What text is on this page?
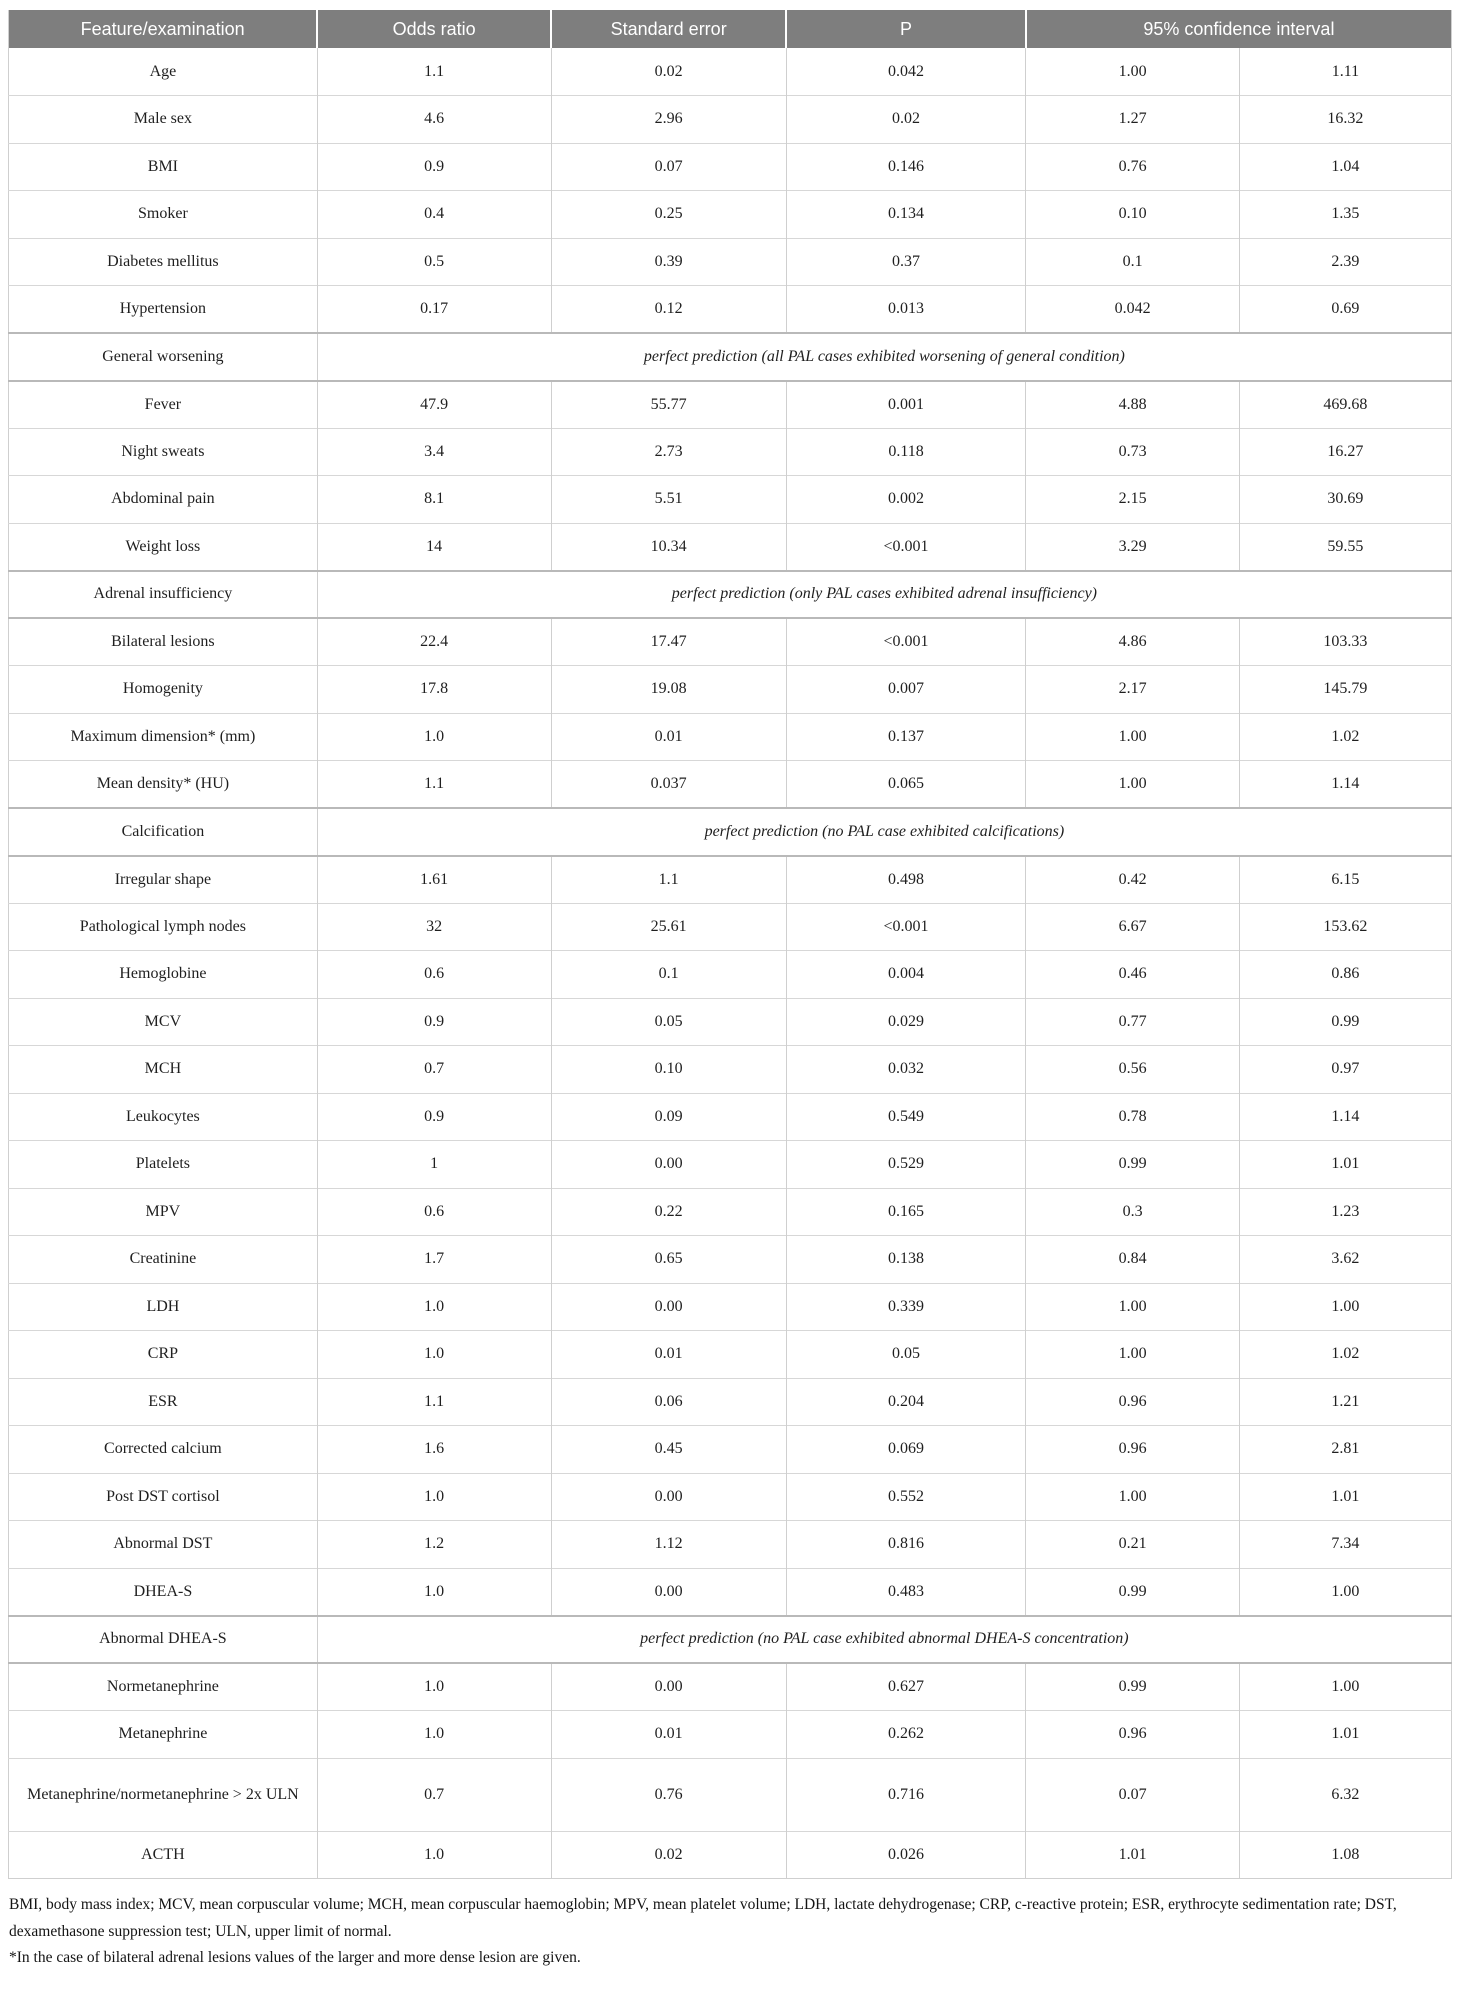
Feature/examination	Odds ratio	Standard error	P	95% confidence interval	
Age	1.1	0.02	0.042	1.00	1.11
Male sex	4.6	2.96	0.02	1.27	16.32
BMI	0.9	0.07	0.146	0.76	1.04
Smoker	0.4	0.25	0.134	0.10	1.35
Diabetes mellitus	0.5	0.39	0.37	0.1	2.39
Hypertension	0.17	0.12	0.013	0.042	0.69
General worsening	perfect prediction (all PAL cases exhibited worsening of general condition)				
Fever	47.9	55.77	0.001	4.88	469.68
Night sweats	3.4	2.73	0.118	0.73	16.27
Abdominal pain	8.1	5.51	0.002	2.15	30.69
Weight loss	14	10.34	<0.001	3.29	59.55
Adrenal insufficiency	perfect prediction (only PAL cases exhibited adrenal insufficiency)				
Bilateral lesions	22.4	17.47	<0.001	4.86	103.33
Homogenity	17.8	19.08	0.007	2.17	145.79
Maximum dimension* (mm)	1.0	0.01	0.137	1.00	1.02
Mean density* (HU)	1.1	0.037	0.065	1.00	1.14
Calcification	perfect prediction (no PAL case exhibited calcifications)				
Irregular shape	1.61	1.1	0.498	0.42	6.15
Pathological lymph nodes	32	25.61	<0.001	6.67	153.62
Hemoglobine	0.6	0.1	0.004	0.46	0.86
MCV	0.9	0.05	0.029	0.77	0.99
MCH	0.7	0.10	0.032	0.56	0.97
Leukocytes	0.9	0.09	0.549	0.78	1.14
Platelets	1	0.00	0.529	0.99	1.01
MPV	0.6	0.22	0.165	0.3	1.23
Creatinine	1.7	0.65	0.138	0.84	3.62
LDH	1.0	0.00	0.339	1.00	1.00
CRP	1.0	0.01	0.05	1.00	1.02
ESR	1.1	0.06	0.204	0.96	1.21
Corrected calcium	1.6	0.45	0.069	0.96	2.81
Post DST cortisol	1.0	0.00	0.552	1.00	1.01
Abnormal DST	1.2	1.12	0.816	0.21	7.34
DHEA-S	1.0	0.00	0.483	0.99	1.00
Abnormal DHEA-S	perfect prediction (no PAL case exhibited abnormal DHEA-S concentration)				
Normetanephrine	1.0	0.00	0.627	0.99	1.00
Metanephrine	1.0	0.01	0.262	0.96	1.01
Metanephrine/normetanephrine > 2x ULN	0.7	0.76	0.716	0.07	6.32
ACTH	1.0	0.02	0.026	1.01	1.08

BMI, body mass index; MCV, mean corpuscular volume; MCH, mean corpuscular haemoglobin; MPV, mean platelet volume; LDH, lactate dehydrogenase; CRP, c-reactive protein; ESR, erythrocyte sedimentation rate; DST, dexamethasone suppression test; ULN, upper limit of normal.

*In the case of bilateral adrenal lesions values of the larger and more dense lesion are given.
